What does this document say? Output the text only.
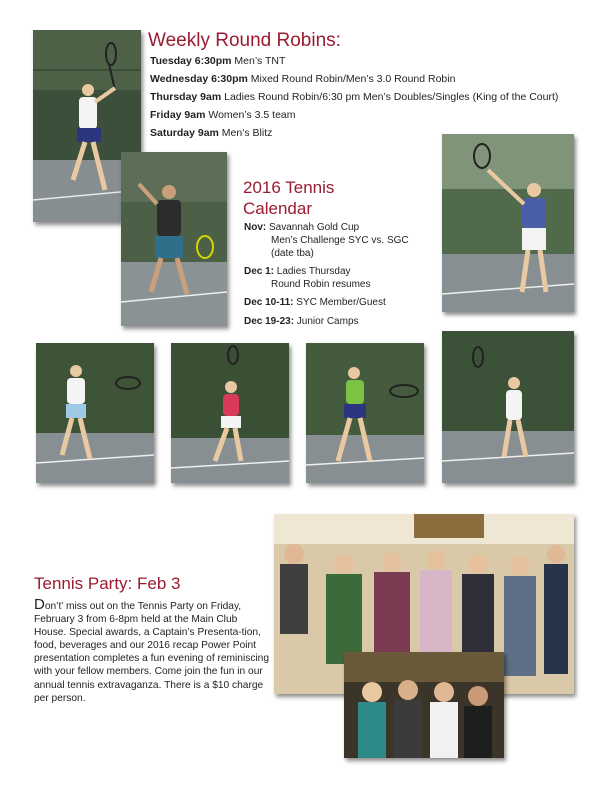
Weekly Round Robins:
Tuesday 6:30pm Men’s TNT
Wednesday 6:30pm Mixed Round Robin/Men’s 3.0 Round Robin
Thursday 9am Ladies Round Robin/6:30 pm Men’s Doubles/Singles (King of the Court)
Friday 9am Women’s 3.5 team
Saturday 9am Men’s Blitz
2016 Tennis
Calendar
Nov: Savannah Gold Cup
Men’s Challenge SYC vs. SGC
(date tba)
Dec 1: Ladies Thursday
Round Robin resumes
Dec 10-11: SYC Member/Guest
Dec 19-23: Junior Camps
Tennis Party: Feb 3

Don’t’ miss out on the Tennis Party on Friday, February 3 from 6-8pm held at the Main Club House. Special awards, a Captain’s Presenta-tion, food, beverages and our 2016 recap Power Point presentation completes a fun evening of reminiscing with your fellow members. Come join the fun in our annual tennis extravaganza. There is a $10 charge per person.
